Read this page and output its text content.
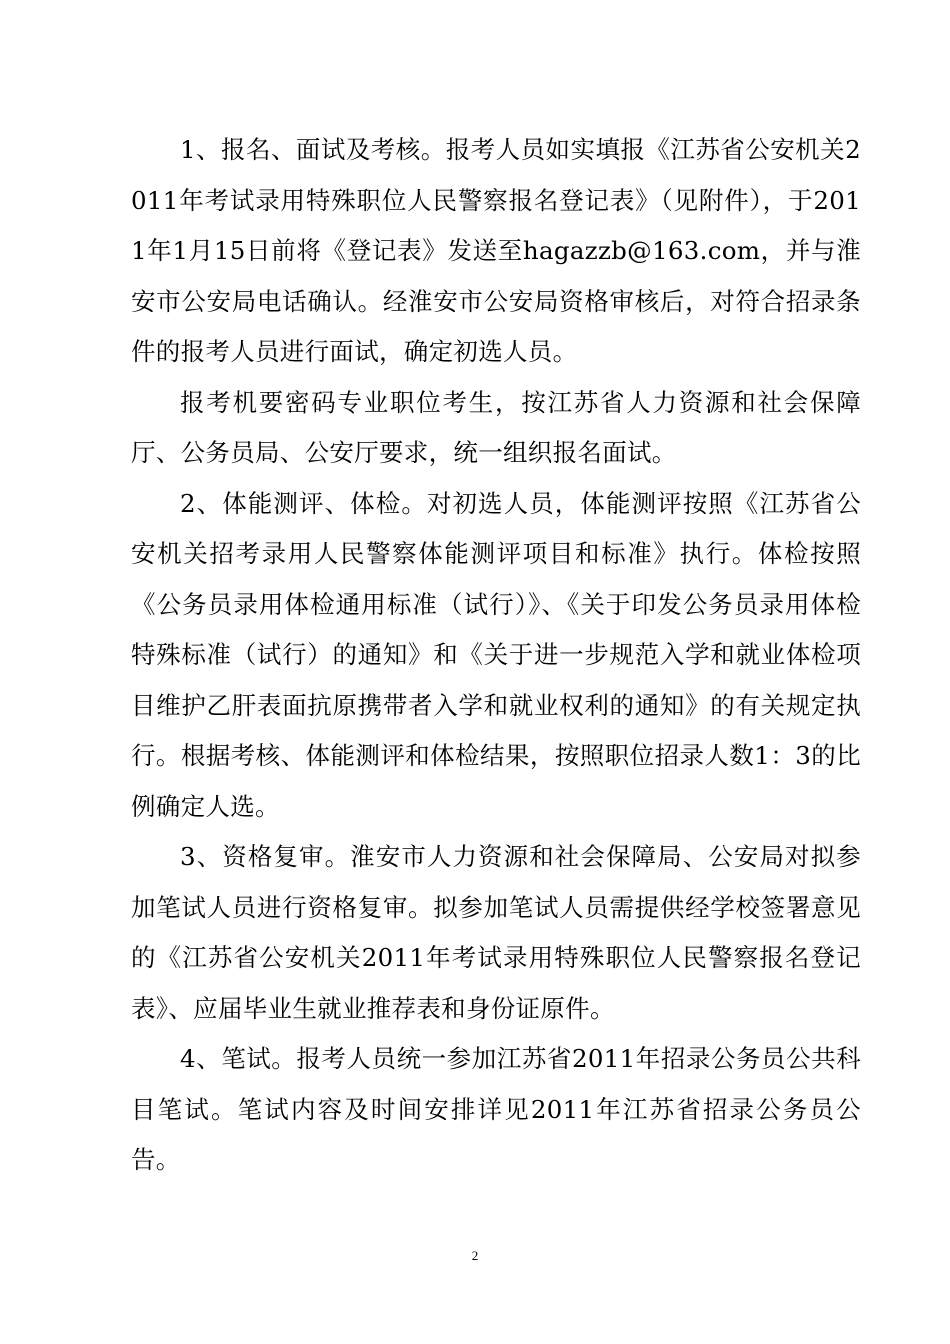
1、报名、面试及考核。报考人员如实填报《江苏省公安机关2011年考试录用特殊职位人民警察报名登记表》（见附件），于2011年1月15日前将《登记表》发送至hagazzb@163.com，并与淮安市公安局电话确认。经淮安市公安局资格审核后，对符合招录条件的报考人员进行面试，确定初选人员。

报考机要密码专业职位考生，按江苏省人力资源和社会保障厅、公务员局、公安厅要求，统一组织报名面试。

2、体能测评、体检。对初选人员，体能测评按照《江苏省公安机关招考录用人民警察体能测评项目和标准》执行。体检按照《公务员录用体检通用标准（试行）》、《关于印发公务员录用体检特殊标准（试行）的通知》和《关于进一步规范入学和就业体检项目维护乙肝表面抗原携带者入学和就业权利的通知》的有关规定执行。根据考核、体能测评和体检结果，按照职位招录人数1：3的比例确定人选。

3、资格复审。淮安市人力资源和社会保障局、公安局对拟参加笔试人员进行资格复审。拟参加笔试人员需提供经学校签署意见的《江苏省公安机关2011年考试录用特殊职位人民警察报名登记表》、应届毕业生就业推荐表和身份证原件。

4、笔试。报考人员统一参加江苏省2011年招录公务员公共科目笔试。笔试内容及时间安排详见2011年江苏省招录公务员公告。

2
